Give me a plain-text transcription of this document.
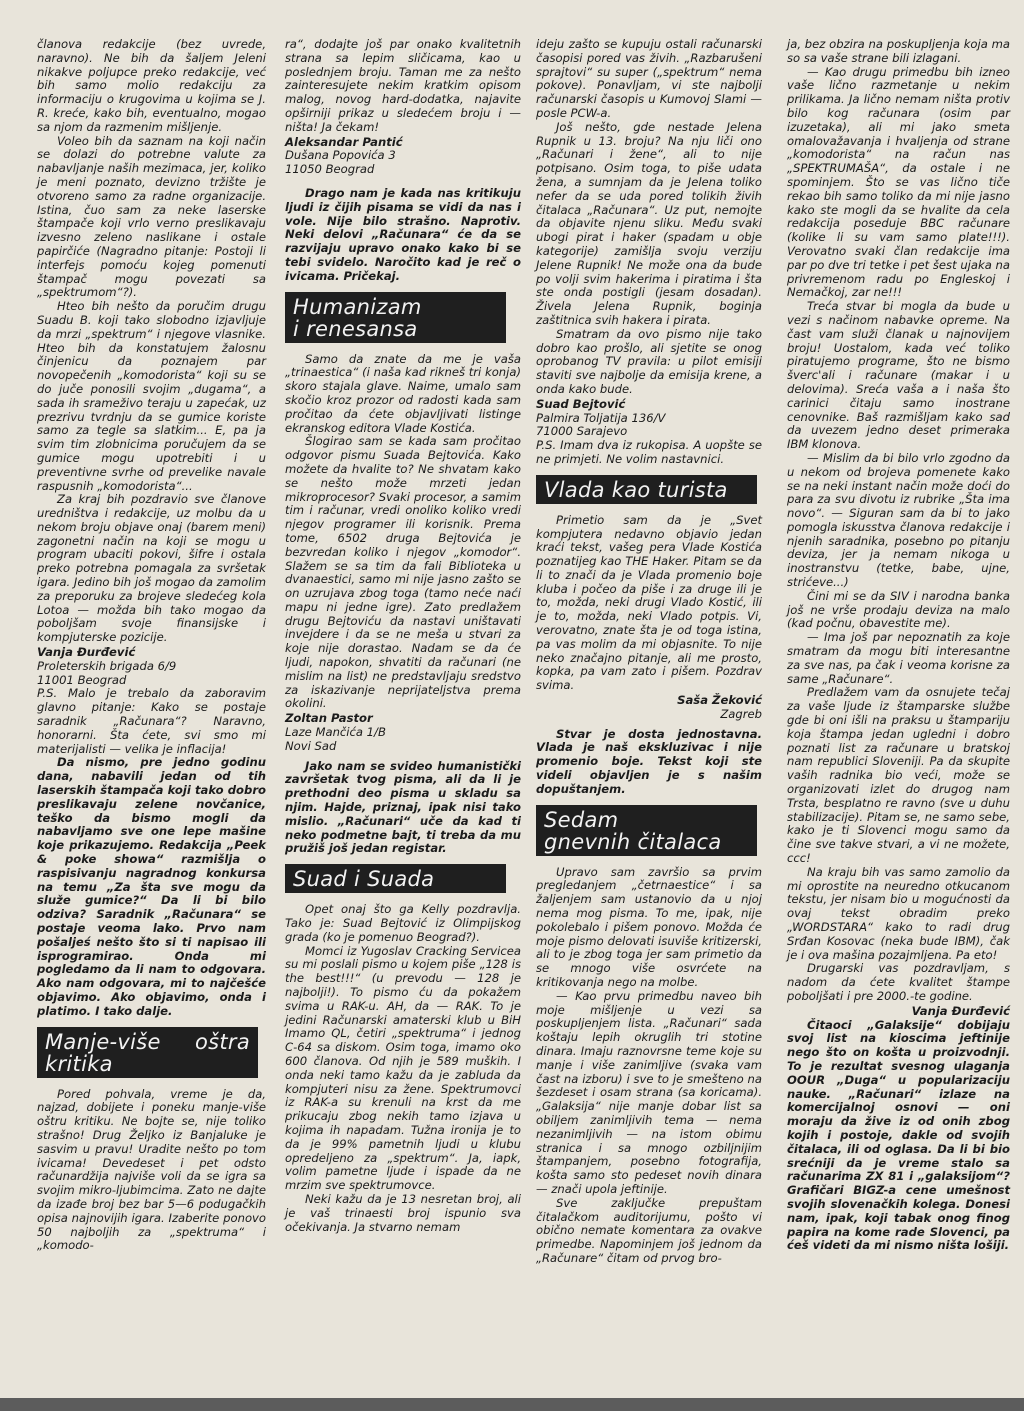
članova redakcije (bez uvrede, naravno). Ne bih da šaljem Jeleni nikakve poljupce preko redakcije, već bih samo molio redakciju za informaciju o krugovima u kojima se J. R. kreće, kako bih, eventualno, mogao sa njom da razmenim mišljenje.

Voleo bih da saznam na koji način se dolazi do potrebne valute za nabavljanje naših mezimaca, jer, koliko je meni poznato, devizno tržište je otvoreno samo za radne organizacije. Istina, čuo sam za neke laserske štampače koji vrlo verno preslikavaju izvesno zeleno naslikane i ostale papirčiće (Nagradno pitanje: Postoji li interfejs pomoću kojeg pomenuti štampač mogu povezati sa „spektrumom“?).

Hteo bih nešto da poručim drugu Suadu B. koji tako slobodno izjavljuje da mrzi „spektrum“ i njegove vlasnike. Hteo bih da konstatujem žalosnu činjenicu da poznajem par novopečenih „komodorista“ koji su se do juče ponosili svojim „dugama“, a sada ih srameživo teraju u zapećak, uz prezrivu tvrdnju da se gumice koriste samo za tegle sa slatkim... E, pa ja svim tim zlobnicima poručujem da se gumice mogu upotrebiti i u preventivne svrhe od prevelike navale raspusnih „komodorista“...

Za kraj bih pozdravio sve članove uredništva i redakcije, uz molbu da u nekom broju objave onaj (barem meni) zagonetni način na koji se mogu u program ubaciti pokovi, šifre i ostala preko potrebna pomagala za svršetak igara. Jedino bih još mogao da zamolim za preporuku za brojeve sledećeg kola Lotoa — možda bih tako mogao da poboljšam svoje finansijske i kompjuterske pozicije.

Vanja Đurđević
Proleterskih brigada 6/9
11001 Beograd

P.S. Malo je trebalo da zaboravim glavno pitanje: Kako se postaje saradnik „Računara“? Naravno, honorarni. Šta ćete, svi smo mi materijalisti — velika je inflacija!

Da nismo, pre jedno godinu dana, nabavili jedan od tih laserskih štampača koji tako dobro preslikavaju zelene novčanice, teško da bismo mogli da nabavljamo sve one lepe mašine koje prikazujemo. Redakcija „Peek & poke showa“ razmišlja o raspisivanju nagradnog konkursa na temu „Za šta sve mogu da služe gumice?“ Da li bi bilo odziva? Saradnik „Računara“ se postaje veoma lako. Prvo nam pošaljeś nešto što si ti napisao ili isprogramirao. Onda mi pogledamo da li nam to odgovara. Ako nam odgovara, mi to najčešće objavimo. Ako objavimo, onda i platimo. I tako dalje.

Manje-više oštra kritika

Pored pohvala, vreme je da, najzad, dobijete i poneku manje-više oštru kritiku. Ne bojte se, nije toliko strašno! Drug Željko iz Banjaluke je sasvim u pravu! Uradite nešto po tom ivicama! Devedeset i pet odsto računardžija najviše voli da se igra sa svojim mikro-ljubimcima. Zato ne dajte da izađe broj bez bar 5—6 podugačkih opisa najnovijih igara. Izaberite ponovo 50 najboljih za „spektruma“ i „komodo-

ra“, dodajte još par onako kvalitetnih strana sa lepim sličicama, kao u poslednjem broju. Taman me za nešto zainteresujete nekim kratkim opisom malog, novog hard-dodatka, najavite opširniji prikaz u sledećem broju i — ništa! Ja čekam!

Aleksandar Pantić
Dušana Popovića 3
11050 Beograd

Drago nam je kada nas kritikuju ljudi iz čijih pisama se vidi da nas i vole. Nije bilo strašno. Naprotiv. Neki delovi „Računara“ će da se razvijaju upravo onako kako bi se tebi svidelo. Naročito kad je reč o ivicama. Pričekaj.

Humanizam
i renesansa

Samo da znate da me je vaša „trinaestica“ (i naša kad rikneš tri konja) skoro stajala glave. Naime, umalo sam skočio kroz prozor od radosti kada sam pročitao da ćete objavljivati listinge ekranskog editora Vlade Kostića.

Šlogirao sam se kada sam pročitao odgovor pismu Suada Bejtovića. Kako možete da hvalite to? Ne shvatam kako se nešto može mrzeti jedan mikroprocesor? Svaki procesor, a samim tim i računar, vredi onoliko koliko vredi njegov programer ili korisnik. Prema tome, 6502 druga Bejtovića je bezvredan koliko i njegov „komodor“. Slažem se sa tim da fali Biblioteka u dvanaestici, samo mi nije jasno zašto se on uzrujava zbog toga (tamo neće naći mapu ni jedne igre). Zato predlažem drugu Bejtoviću da nastavi uništavati invejdere i da se ne meša u stvari za koje nije dorastao. Nadam se da će ljudi, napokon, shvatiti da računari (ne mislim na list) ne predstavljaju sredstvo za iskazivanje neprijateljstva prema okolini.

Zoltan Pastor
Laze Mančića 1/B
Novi Sad

Jako nam se svideo humanistički završetak tvog pisma, ali da li je prethodni deo pisma u skladu sa njim. Hajde, priznaj, ipak nisi tako mislio. „Računari“ uče da kad ti neko podmetne bajt, ti treba da mu pružiš još jedan registar.

Suad i Suada

Opet onaj što ga Kelly pozdravlja. Tako je: Suad Bejtović iz Olimpijskog grada (ko je pomenuo Beograd?).

Momci iz Yugoslav Cracking Servicea su mi poslali pismo u kojem piše „128 is the best!!!“ (u prevodu — 128 je najbolji!). To pismo ću da pokažem svima u RAK-u. AH, da — RAK. To je jedini Računarski amaterski klub u BiH Imamo QL, četiri „spektruma“ i jednog C-64 sa diskom. Osim toga, imamo oko 600 članova. Od njih je 589 muških. I onda neki tamo kažu da je zabluda da kompjuteri nisu za žene. Spektrumovci iz RAK-a su krenuli na krst da me prikucaju zbog nekih tamo izjava u kojima ih napadam. Tužna ironija je to da je 99% pametnih ljudi u klubu opredeljeno za „spektrum“. Ja, iapk, volim pametne ljude i ispade da ne mrzim sve spektrumovce.

Neki kažu da je 13 nesretan broj, ali je vaš trinaesti broj ispunio sva očekivanja. Ja stvarno nemam

ideju zašto se kupuju ostali računarski časopisi pored vas živih. „Razbarušeni sprajtovi“ su super („spektrum“ nema pokove). Ponavljam, vi ste najbolji računarski časopis u Kumovoj Slami — posle PCW-a.

Još nešto, gde nestade Jelena Rupnik u 13. broju? Na nju liči ono „Računari i žene“, ali to nije potpisano. Osim toga, to piše udata žena, a sumnjam da je Jelena toliko nefer da se uda pored tolikih živih čitalaca „Računara“. Uz put, nemojte da objavite njenu sliku. Među svaki ubogi pirat i haker (spadam u obje kategorije) zamišlja svoju verziju Jelene Rupnik! Ne može ona da bude po volji svim hakerima i piratima i šta ste onda postigli (jesam dosadan). Živela Jelena Rupnik, boginja zaštitnica svih hakera i pirata.

Smatram da ovo pismo nije tako dobro kao prošlo, ali sjetite se onog oprobanog TV pravila: u pilot emisiji staviti sve najbolje da emisija krene, a onda kako bude.

Suad Bejtović
Palmira Toljatija 136/V
71000 Sarajevo

P.S. Imam dva iz rukopisa. A uopšte se ne primjeti. Ne volim nastavnici.

Vlada kao turista

Primetio sam da je „Svet kompjutera nedavno objavio jedan kraći tekst, vašeg pera Vlade Kostića poznatijeg kao THE Haker. Pitam se da li to znači da je Vlada promenio boje kluba i počeo da piše i za druge ili je to, možda, neki drugi Vlado Kostić, ili je to, možda, neki Vlado potpis. Vi, verovatno, znate šta je od toga istina, pa vas molim da mi objasnite. To nije neko značajno pitanje, ali me prosto, kopka, pa vam zato i pišem. Pozdrav svima.

Saša Žeković
Zagreb

Stvar je dosta jednostavna. Vlada je naš ekskluzivac i nije promenio boje. Tekst koji ste videli objavljen je s našim dopuštanjem.

Sedam
gnevnih čitalaca

Upravo sam završio sa prvim pregledanjem „četrnaestice“ i sa žaljenjem sam ustanovio da u njoj nema mog pisma. To me, ipak, nije pokolebalo i pišem ponovo. Možda će moje pismo delovati isuviše kritizerski, ali to je zbog toga jer sam primetio da se mnogo više osvrćete na kritikovanja nego na molbe.

— Kao prvu primedbu naveo bih moje mišljenje u vezi sa poskupljenjem lista. „Računari“ sada koštaju lepih okruglih tri stotine dinara. Imaju raznovrsne teme koje su manje i više zanimljive (svaka vam čast na izboru) i sve to je smešteno na šezdeset i osam strana (sa koricama). „Galaksija“ nije manje dobar list sa obiljem zanimljivih tema — nema nezanimljivih — na istom obimu stranica i sa mnogo ozbiljnijim štampanjem, posebno fotografija, košta samo sto pedeset novih dinara — znači upola jeftinije.

Sve zaključke prepuštam čitalačkom auditorijumu, pošto vi obično nemate komentara za ovakve primedbe. Napominjem još jednom da „Računare“ čitam od prvog bro-

ja, bez obzira na poskupljenja koja ma so sa vaše strane bili izlagani.

— Kao drugu primedbu bih iznео vaše lično razmetanje u nekim prilikama. Ja lično nemam ništa protiv bilo kog računara (osim par izuzetaka), ali mi jako smeta omalovažavanja i hvaljenja od strane „komodorista“ na račun nas „SPEKTRUMAŠA“, da ostale i ne spominjem. Što se vas lično tiče rekao bih samo toliko da mi nije jasno kako ste mogli da se hvalite da cela redakcija poseduje BBC računare (kolike li su vam samo plate!!!). Verovatno svaki član redakcije ima par po dve tri tetke i pet šest ujaka na privremenom radu po Engleskoj i Nemačkoj, zar ne!!!

Treća stvar bi mogla da bude u vezi s načinom nabavke opreme. Na čast vam služi članak u najnovijem broju! Uostalom, kada već toliko piratujemo programe, što ne bismo šverc'ali i računare (makar i u delovima). Sreća vaša a i naša što carinici čitaju samo inostrane cenovnike. Baš razmišljam kako sad da uvezem jedno deset primeraka IBM klonova.

— Mislim da bi bilo vrlo zgodno da u nekom od brojeva pomenete kako se na neki instant način može doći do para za svu divotu iz rubrike „Šta ima novo“. — Siguran sam da bi to jako pomogla iskusstva članova redakcije i njenih saradnika, posebno po pitanju deviza, jer ja nemam nikoga u inostranstvu (tetke, babe, ujne, strićeve...)

Čini mi se da SIV i narodna banka još ne vrše prodaju deviza na malo (kad počnu, obavestite me).

— Ima još par nepoznatih za koje smatram da mogu biti interesantne za sve nas, pa čak i veoma korisne za same „Računare“.

Predlažem vam da osnujete tečaj za vaše ljude iz štamparske službe gde bi oni išli na praksu u štampariju koja štampa jedan ugledni i dobro poznati list za računare u bratskoj nam republici Sloveniji. Pa da skupite vaših radnika bio veći, može se organizovati izlet do drugog nam Trsta, besplatno re ravno (sve u duhu stabilizacije). Pitam se, ne samo sebe, kako je ti Slovenci mogu samo da čine sve takve stvari, a vi ne možete, ccc!

Na kraju bih vas samo zamolio da mi oprostite na neuredno otkucanom tekstu, jer nisam bio u mogućnosti da ovaj tekst obradim preko „WORDSTARA“ kako to radi drug Srđan Kosovac (neka bude IBM), čak je i ova mašina pozajmljena. Pa eto!

Drugarski vas pozdravljam, s nadom da ćete kvalitet štampe poboljšati i pre 2000.-te godine.

Vanja Đurđević

Čitaoci „Galaksije“ dobijaju svoj list na kioscima jeftinije nego što on košta u proizvodnji. To je rezultat svesnog ulaganja OOUR „Duga“ u popularizaciju nauke. „Računari“ izlaze na komercijalnoj osnovi — oni moraju da žive iz od onih zbog kojih i postoje, dakle od svojih čitalaca, ili od oglasa. Da li bi bio srećniji da je vreme stalo sa računarima ZX 81 i „galaksijom“? Grafičari BIGZ-a cene umešnost svojih slovenačkih kolega. Donesi nam, ipak, koji tabak onog finog papira na kome rade Slovenci, pa ćeš videti da mi nismo ništa lošiji.
